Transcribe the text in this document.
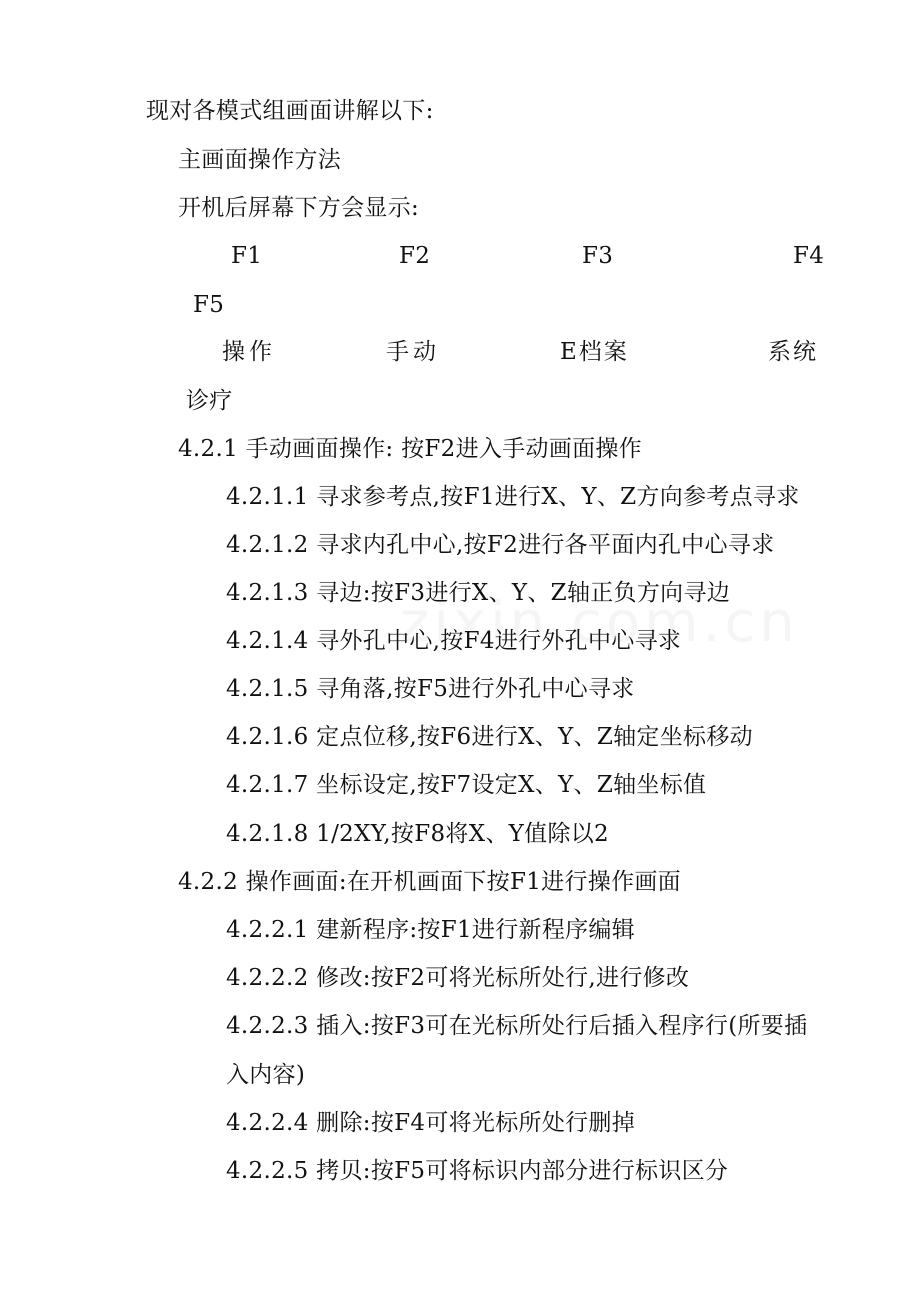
现对各模式组画面讲解以下:
主画面操作方法
开机后屏幕下方会显示:
F1	F2	F3	F4
F5
操作	手动	E档案	系统
诊疗
4.2.1 手动画面操作: 按F2进入手动画面操作
4.2.1.1 寻求参考点,按F1进行X、Y、Z方向参考点寻求
4.2.1.2 寻求内孔中心,按F2进行各平面内孔中心寻求
4.2.1.3 寻边:按F3进行X、Y、Z轴正负方向寻边
4.2.1.4 寻外孔中心,按F4进行外孔中心寻求
4.2.1.5 寻角落,按F5进行外孔中心寻求
4.2.1.6 定点位移,按F6进行X、Y、Z轴定坐标移动
4.2.1.7 坐标设定,按F7设定X、Y、Z轴坐标值
4.2.1.8 1/2XY,按F8将X、Y值除以2
4.2.2 操作画面:在开机画面下按F1进行操作画面
4.2.2.1 建新程序:按F1进行新程序编辑
4.2.2.2 修改:按F2可将光标所处行,进行修改
4.2.2.3 插入:按F3可在光标所处行后插入程序行(所要插
入内容)
4.2.2.4 删除:按F4可将光标所处行删掉
4.2.2.5 拷贝:按F5可将标识内部分进行标识区分
